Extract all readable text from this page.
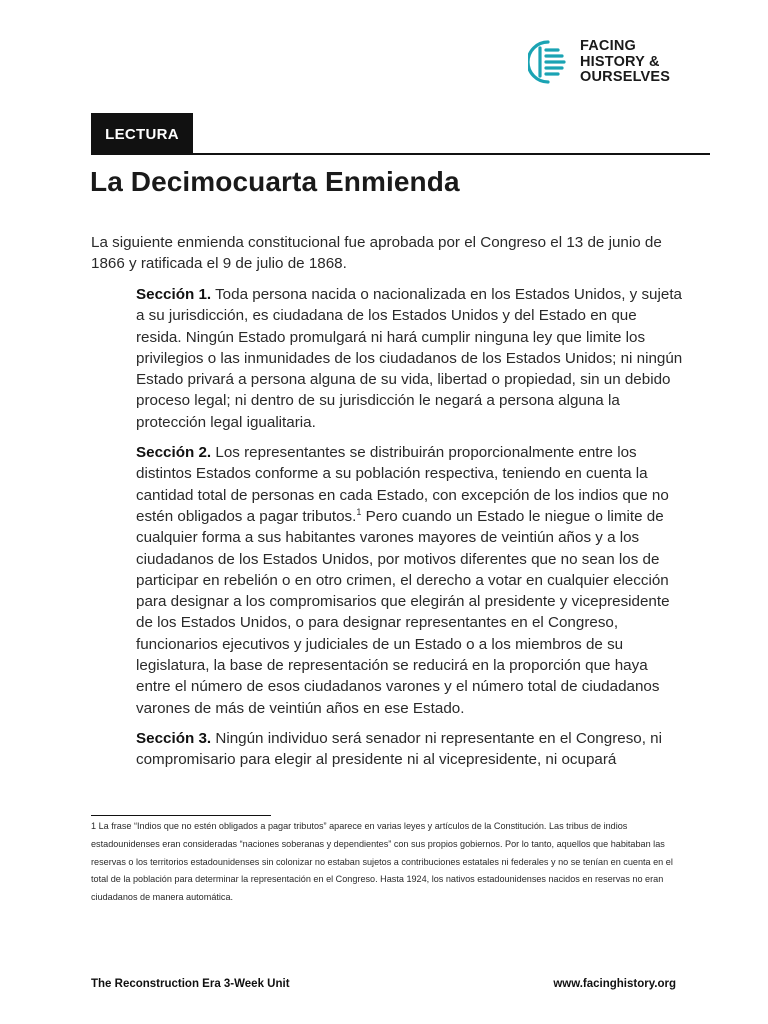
FACING
HISTORY &
OURSELVES
LECTURA
La Decimocuarta Enmienda

La siguiente enmienda constitucional fue aprobada por el Congreso el 13 de junio de 1866 y ratificada el 9 de julio de 1868.

Sección 1. Toda persona nacida o nacionalizada en los Estados Unidos, y sujeta a su jurisdicción, es ciudadana de los Estados Unidos y del Estado en que resida. Ningún Estado promulgará ni hará cumplir ninguna ley que limite los privilegios o las inmunidades de los ciudadanos de los Estados Unidos; ni ningún Estado privará a persona alguna de su vida, libertad o propiedad, sin un debido proceso legal; ni dentro de su jurisdicción le negará a persona alguna la protección legal igualitaria.

Sección 2. Los representantes se distribuirán proporcionalmente entre los distintos Estados conforme a su población respectiva, teniendo en cuenta la cantidad total de personas en cada Estado, con excepción de los indios que no estén obligados a pagar tributos.$^1$ Pero cuando un Estado le niegue o limite de cualquier forma a sus habitantes varones mayores de veintiún años y a los ciudadanos de los Estados Unidos, por motivos diferentes que no sean los de participar en rebelión o en otro crimen, el derecho a votar en cualquier elección para designar a los compromisarios que elegirán al presidente y vicepresidente de los Estados Unidos, o para designar representantes en el Congreso, funcionarios ejecutivos y judiciales de un Estado o a los miembros de su legislatura, la base de representación se reducirá en la proporción que haya entre el número de esos ciudadanos varones y el número total de ciudadanos varones de más de veintiún años en ese Estado.

Sección 3. Ningún individuo será senador ni representante en el Congreso, ni compromisario para elegir al presidente ni al vicepresidente, ni ocupará

1 La frase “Indios que no estén obligados a pagar tributos” aparece en varias leyes y artículos de la Constitución. Las tribus de indios estadounidenses eran consideradas “naciones soberanas y dependientes” con sus propios gobiernos. Por lo tanto, aquellos que habitaban las reservas o los territorios estadounidenses sin colonizar no estaban sujetos a contribuciones estatales ni federales y no se tenían en cuenta en el total de la población para determinar la representación en el Congreso. Hasta 1924, los nativos estadounidenses nacidos en reservas no eran ciudadanos de manera automática.

The Reconstruction Era 3-Week Unit	www.facinghistory.org
